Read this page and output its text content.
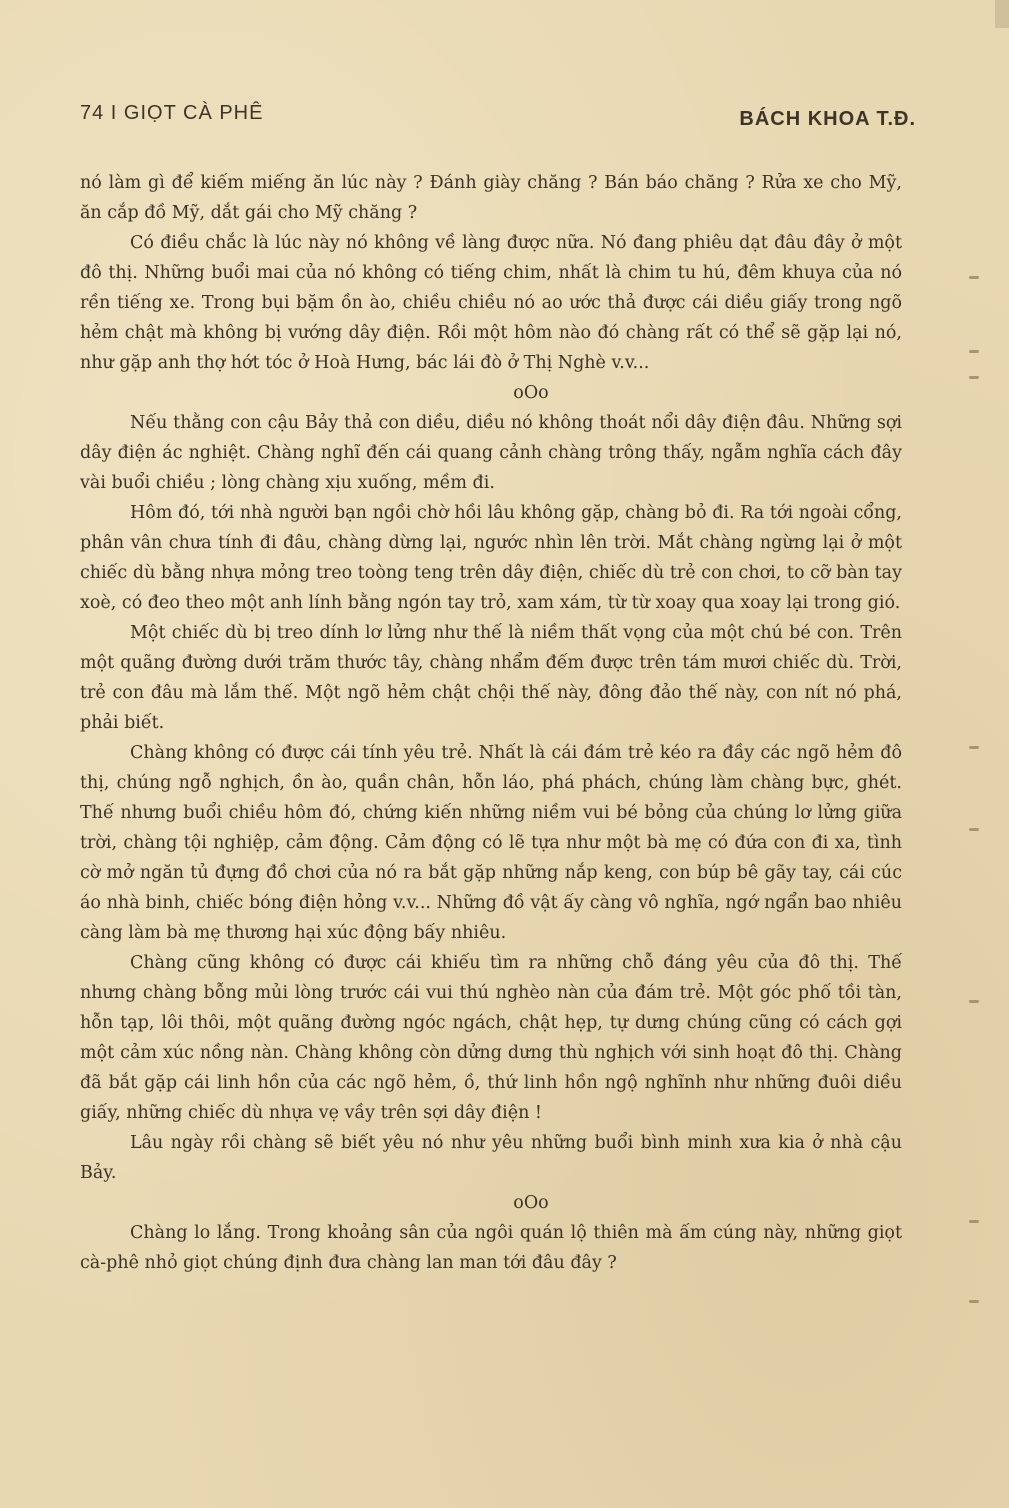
74 I GIỌT CÀ PHÊ	BÁCH KHOA T.Đ.

nó làm gì để kiếm miếng ăn lúc này ? Đánh giày chăng ? Bán báo chăng ? Rửa xe cho Mỹ, ăn cắp đồ Mỹ, dắt gái cho Mỹ chăng ?

Có điều chắc là lúc này nó không về làng được nữa. Nó đang phiêu dạt đâu đây ở một đô thị. Những buổi mai của nó không có tiếng chim, nhất là chim tu hú, đêm khuya của nó rền tiếng xe. Trong bụi bặm ồn ào, chiều chiều nó ao ước thả được cái diều giấy trong ngõ hẻm chật mà không bị vướng dây điện. Rồi một hôm nào đó chàng rất có thể sẽ gặp lại nó, như gặp anh thợ hớt tóc ở Hoà Hưng, bác lái đò ở Thị Nghè v.v...

oOo

Nếu thằng con cậu Bảy thả con diều, diều nó không thoát nổi dây điện đâu. Những sợi dây điện ác nghiệt. Chàng nghĩ đến cái quang cảnh chàng trông thấy, ngẫm nghĩa cách đây vài buổi chiều ; lòng chàng xịu xuống, mềm đi.

Hôm đó, tới nhà người bạn ngồi chờ hồi lâu không gặp, chàng bỏ đi. Ra tới ngoài cổng, phân vân chưa tính đi đâu, chàng dừng lại, ngước nhìn lên trời. Mắt chàng ngừng lại ở một chiếc dù bằng nhựa mỏng treo toòng teng trên dây điện, chiếc dù trẻ con chơi, to cỡ bàn tay xoè, có đeo theo một anh lính bằng ngón tay trỏ, xam xám, từ từ xoay qua xoay lại trong gió.

Một chiếc dù bị treo dính lơ lửng như thế là niềm thất vọng của một chú bé con. Trên một quãng đường dưới trăm thước tây, chàng nhẩm đếm được trên tám mươi chiếc dù. Trời, trẻ con đâu mà lắm thế. Một ngõ hẻm chật chội thế này, đông đảo thế này, con nít nó phá, phải biết.

Chàng không có được cái tính yêu trẻ. Nhất là cái đám trẻ kéo ra đầy các ngõ hẻm đô thị, chúng ngỗ nghịch, ồn ào, quần chân, hỗn láo, phá phách, chúng làm chàng bực, ghét. Thế nhưng buổi chiều hôm đó, chứng kiến những niềm vui bé bỏng của chúng lơ lửng giữa trời, chàng tội nghiệp, cảm động. Cảm động có lẽ tựa như một bà mẹ có đứa con đi xa, tình cờ mở ngăn tủ đựng đồ chơi của nó ra bắt gặp những nắp keng, con búp bê gãy tay, cái cúc áo nhà binh, chiếc bóng điện hỏng v.v... Những đồ vật ấy càng vô nghĩa, ngớ ngẩn bao nhiêu càng làm bà mẹ thương hại xúc động bấy nhiêu.

Chàng cũng không có được cái khiếu tìm ra những chỗ đáng yêu của đô thị. Thế nhưng chàng bỗng mủi lòng trước cái vui thú nghèo nàn của đám trẻ. Một góc phố tồi tàn, hỗn tạp, lôi thôi, một quãng đường ngóc ngách, chật hẹp, tự dưng chúng cũng có cách gợi một cảm xúc nồng nàn. Chàng không còn dửng dưng thù nghịch với sinh hoạt đô thị. Chàng đã bắt gặp cái linh hồn của các ngõ hẻm, ồ, thứ linh hồn ngộ nghĩnh như những đuôi diều giấy, những chiếc dù nhựa vẹ vầy trên sợi dây điện !

Lâu ngày rồi chàng sẽ biết yêu nó như yêu những buổi bình minh xưa kia ở nhà cậu Bảy.

oOo

Chàng lo lắng. Trong khoảng sân của ngôi quán lộ thiên mà ấm cúng này, những giọt cà-phê nhỏ giọt chúng định đưa chàng lan man tới đâu đây ?
